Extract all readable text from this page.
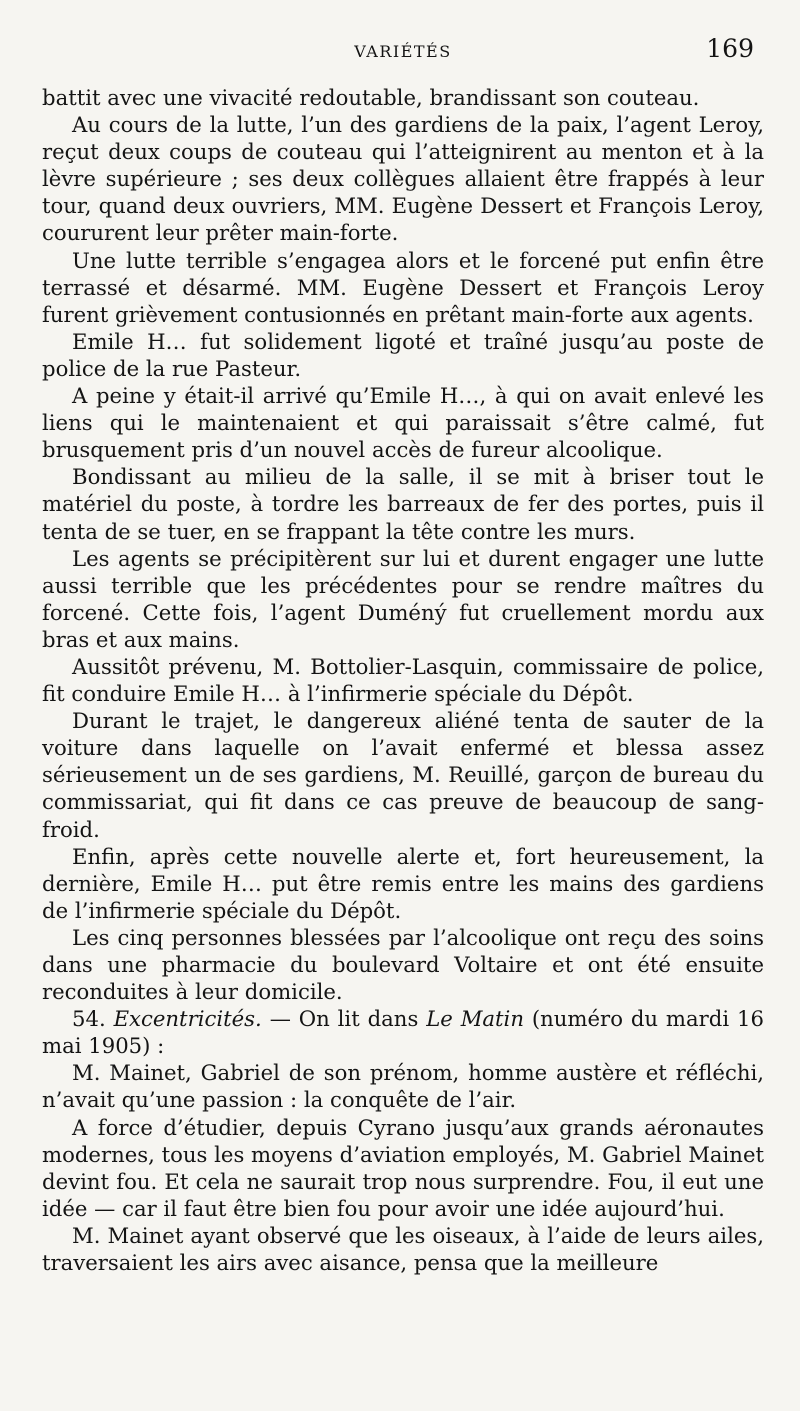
VARIÉTÉS	169

battit avec une vivacité redoutable, brandissant son couteau.

Au cours de la lutte, l’un des gardiens de la paix, l’agent Leroy, reçut deux coups de couteau qui l’atteignirent au menton et à la lèvre supérieure ; ses deux collègues allaient être frappés à leur tour, quand deux ouvriers, MM. Eugène Dessert et François Leroy, coururent leur prêter main-forte.

Une lutte terrible s’engagea alors et le forcené put enfin être terrassé et désarmé. MM. Eugène Dessert et François Leroy furent grièvement contusionnés en prêtant main-forte aux agents.

Emile H… fut solidement ligoté et traîné jusqu’au poste de police de la rue Pasteur.

A peine y était-il arrivé qu’Emile H…, à qui on avait enlevé les liens qui le maintenaient et qui paraissait s’être calmé, fut brusquement pris d’un nouvel accès de fureur alcoolique.

Bondissant au milieu de la salle, il se mit à briser tout le matériel du poste, à tordre les barreaux de fer des portes, puis il tenta de se tuer, en se frappant la tête contre les murs.

Les agents se précipitèrent sur lui et durent engager une lutte aussi terrible que les précédentes pour se rendre maîtres du forcené. Cette fois, l’agent Duméný fut cruellement mordu aux bras et aux mains.

Aussitôt prévenu, M. Bottolier-Lasquin, commissaire de police, fit conduire Emile H… à l’infirmerie spéciale du Dépôt.

Durant le trajet, le dangereux aliéné tenta de sauter de la voiture dans laquelle on l’avait enfermé et blessa assez sérieusement un de ses gardiens, M. Reuillé, garçon de bureau du commissariat, qui fit dans ce cas preuve de beaucoup de sang-froid.

Enfin, après cette nouvelle alerte et, fort heureusement, la dernière, Emile H… put être remis entre les mains des gardiens de l’infirmerie spéciale du Dépôt.

Les cinq personnes blessées par l’alcoolique ont reçu des soins dans une pharmacie du boulevard Voltaire et ont été ensuite reconduites à leur domicile.

54. Excentricités. — On lit dans Le Matin (numéro du mardi 16 mai 1905) :

M. Mainet, Gabriel de son prénom, homme austère et réfléchi, n’avait qu’une passion : la conquête de l’air.

A force d’étudier, depuis Cyrano jusqu’aux grands aéronautes modernes, tous les moyens d’aviation employés, M. Gabriel Mainet devint fou. Et cela ne saurait trop nous surprendre. Fou, il eut une idée — car il faut être bien fou pour avoir une idée aujourd’hui.

M. Mainet ayant observé que les oiseaux, à l’aide de leurs ailes, traversaient les airs avec aisance, pensa que la meilleure
